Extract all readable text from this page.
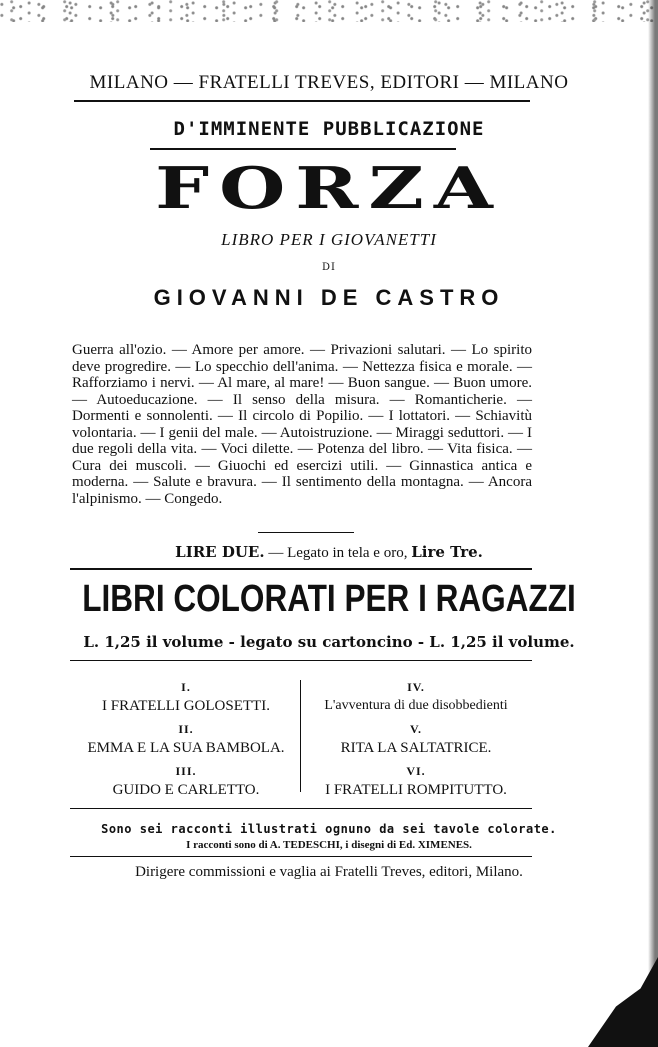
MILANO — FRATELLI TREVES, EDITORI — MILANO
D'IMMINENTE PUBBLICAZIONE
FORZA
LIBRO PER I GIOVANETTI
DI
GIOVANNI DE CASTRO

Guerra all'ozio. — Amore per amore. — Privazioni salutari. — Lo spirito deve progredire. — Lo specchio dell'anima. — Nettezza fisica e morale. — Rafforziamo i nervi. — Al mare, al mare! — Buon sangue. — Buon umore. — Autoeducazione. — Il senso della misura. — Romanticherie. — Dormenti e sonnolenti. — Il circolo di Popilio. — I lottatori. — Schiavitù volontaria. — I genii del male. — Autoistruzione. — Miraggi seduttori. — I due regoli della vita. — Voci dilette. — Potenza del libro. — Vita fisica. — Cura dei muscoli. — Giuochi ed esercizi utili. — Ginnastica antica e moderna. — Salute e bravura. — Il sentimento della montagna. — Ancora l'alpinismo. — Congedo.

LIRE DUE. — Legato in tela e oro, Lire Tre.
LIBRI COLORATI PER I RAGAZZI
L. 1,25 il volume - legato su cartoncino - L. 1,25 il volume.
I.
I FRATELLI GOLOSETTI.
II.
EMMA E LA SUA BAMBOLA.
III.
GUIDO E CARLETTO.
IV.
L'avventura di due disobbedienti
V.
RITA LA SALTATRICE.
VI.
I FRATELLI ROMPITUTTO.
Sono sei racconti illustrati ognuno da sei tavole colorate.
I racconti sono di A. TEDESCHI, i disegni di Ed. XIMENES.
Dirigere commissioni e vaglia ai Fratelli Treves, editori, Milano.
